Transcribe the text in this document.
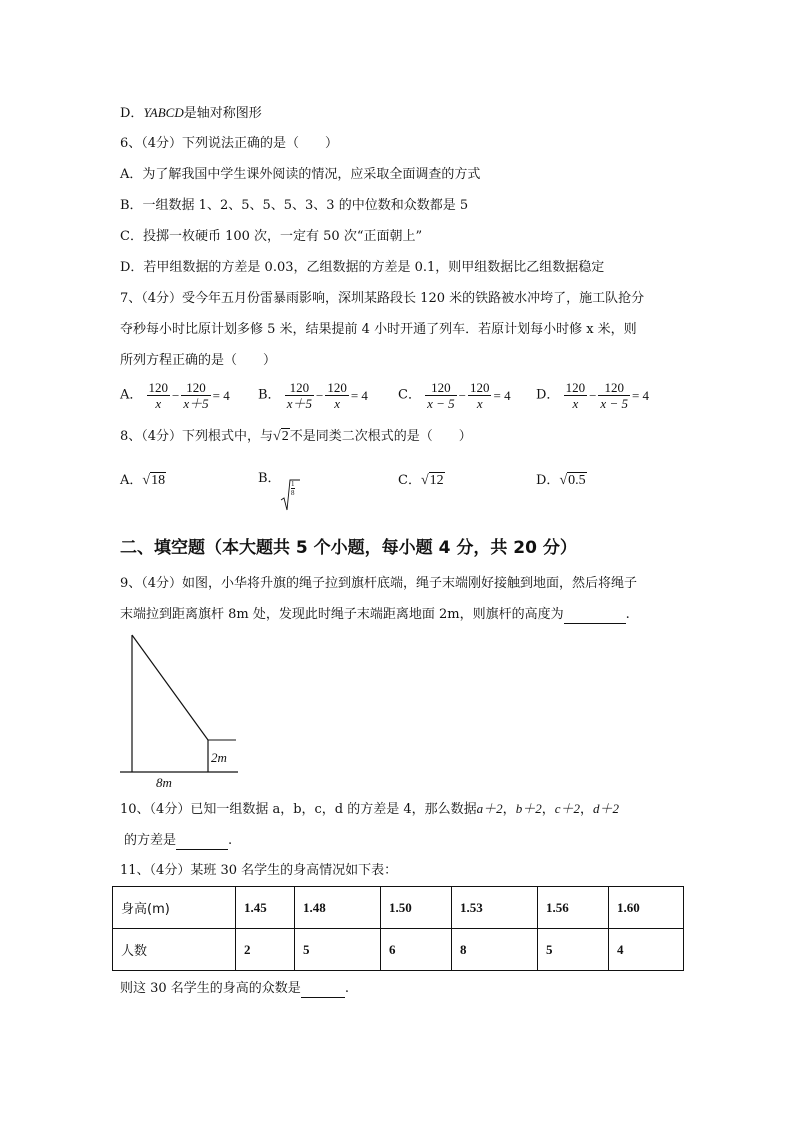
D．YABCD是轴对称图形
6、（4分）下列说法正确的是（　　）
A．为了解我国中学生课外阅读的情况，应采取全面调查的方式
B．一组数据 1、2、5、5、5、3、3 的中位数和众数都是 5
C．投掷一枚硬币 100 次，一定有 50 次“正面朝上”
D．若甲组数据的方差是 0.03，乙组数据的方差是 0.1，则甲组数据比乙组数据稳定
7、（4分）受今年五月份雷暴雨影响，深圳某路段长 120 米的铁路被水冲垮了，施工队抢分
夺秒每小时比原计划多修 5 米，结果提前 4 小时开通了列车．若原计划每小时修 x 米，则
所列方程正确的是（　　）
A． $\frac{120}{x} - \frac{120}{x+5} = 4$ B． $\frac{120}{x+5} - \frac{120}{x} = 4$ C． $\frac{120}{x - 5} - \frac{120}{x} = 4$ D． $\frac{120}{x} - \frac{120}{x - 5} = 4$
8、（4分）下列根式中，与√2不是同类二次根式的是（　　）
A．√18	B．
$\frac{1}{8}$	C．√12	D．√0.5
二、填空题（本大题共 5 个小题，每小题 4 分，共 20 分）
9、（4分）如图，小华将升旗的绳子拉到旗杆底端，绳子末端刚好接触到地面，然后将绳子
末端拉到距离旗杆 8m 处，发现此时绳子末端距离地面 2m，则旗杆的高度为	.
2m
8m
10、（4分）已知一组数据 a，b，c，d 的方差是 4，那么数据a＋2，b＋2，c＋2，d＋2
的方差是	.
11、（4分）某班 30 名学生的身高情况如下表：
身高(m)	1.45	1.48	1.50	1.53	1.56	1.60
人数	2	5	6	8	5	4
则这 30 名学生的身高的众数是	.
